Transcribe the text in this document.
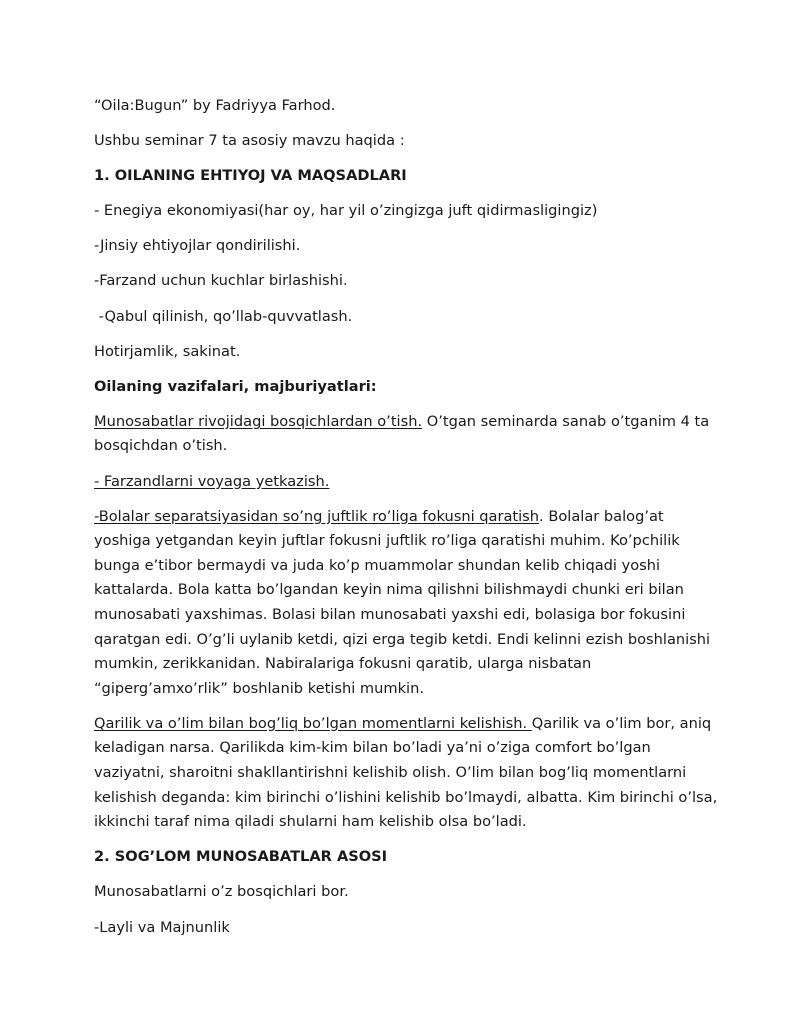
“Oila:Bugun” by Fadriyya Farhod.

Ushbu seminar 7 ta asosiy mavzu haqida :

1. OILANING EHTIYOJ VA MAQSADLARI

- Enegiya ekonomiyasi(har oy, har yil o’zingizga juft qidirmasligingiz)

-Jinsiy ehtiyojlar qondirilishi.

-Farzand uchun kuchlar birlashishi.

-Qabul qilinish, qo’llab-quvvatlash.

Hotirjamlik, sakinat.

Oilaning vazifalari, majburiyatlari:

Munosabatlar rivojidagi bosqichlardan o’tish. O’tgan seminarda sanab o’tganim 4 ta bosqichdan o’tish.

- Farzandlarni voyaga yetkazish.

-Bolalar separatsiyasidan so’ng juftlik ro’liga fokusni qaratish. Bolalar balog’at yoshiga yetgandan keyin juftlar fokusni juftlik ro’liga qaratishi muhim. Ko’pchilik bunga e’tibor bermaydi va juda ko’p muammolar shundan kelib chiqadi yoshi kattalarda. Bola katta bo’lgandan keyin nima qilishni bilishmaydi chunki eri bilan munosabati yaxshimas. Bolasi bilan munosabati yaxshi edi, bolasiga bor fokusini qaratgan edi. O’g’li uylanib ketdi, qizi erga tegib ketdi. Endi kelinni ezish boshlanishi mumkin, zerikkanidan. Nabiralariga fokusni qaratib, ularga nisbatan “giperg’amxo’rlik” boshlanib ketishi mumkin.

Qarilik va o’lim bilan bog’liq bo’lgan momentlarni kelishish. Qarilik va o’lim bor, aniq keladigan narsa. Qarilikda kim-kim bilan bo’ladi ya’ni o’ziga comfort bo’lgan vaziyatni, sharoitni shakllantirishni kelishib olish. O’lim bilan bog’liq momentlarni kelishish deganda: kim birinchi o’lishini kelishib bo’lmaydi, albatta. Kim birinchi o’lsa, ikkinchi taraf nima qiladi shularni ham kelishib olsa bo’ladi.

2. SOG’LOM MUNOSABATLAR ASOSI

Munosabatlarni o’z bosqichlari bor.

-Layli va Majnunlik
